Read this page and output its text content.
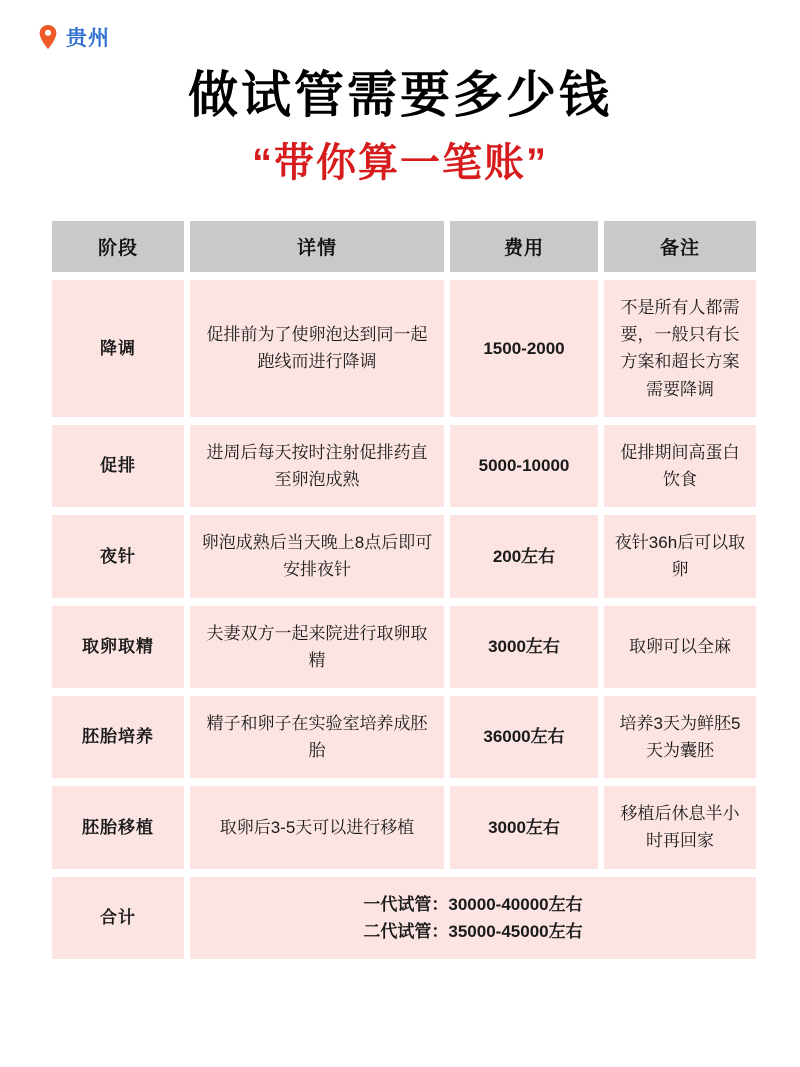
贵州
做试管需要多少钱
“带你算一笔账”
阶段	详情	费用	备注
降调	促排前为了使卵泡达到同一起跑线而进行降调	1500-2000	不是所有人都需要，一般只有长方案和超长方案需要降调
促排	进周后每天按时注射促排药直至卵泡成熟	5000-10000	促排期间高蛋白饮食
夜针	卵泡成熟后当天晚上8点后即可安排夜针	200左右	夜针36h后可以取卵
取卵取精	夫妻双方一起来院进行取卵取精	3000左右	取卵可以全麻
胚胎培养	精子和卵子在实验室培养成胚胎	36000左右	培养3天为鲜胚5天为囊胚
胚胎移植	取卵后3-5天可以进行移植	3000左右	移植后休息半小时再回家
合计	一代试管：30000-40000左右
二代试管：35000-45000左右		
